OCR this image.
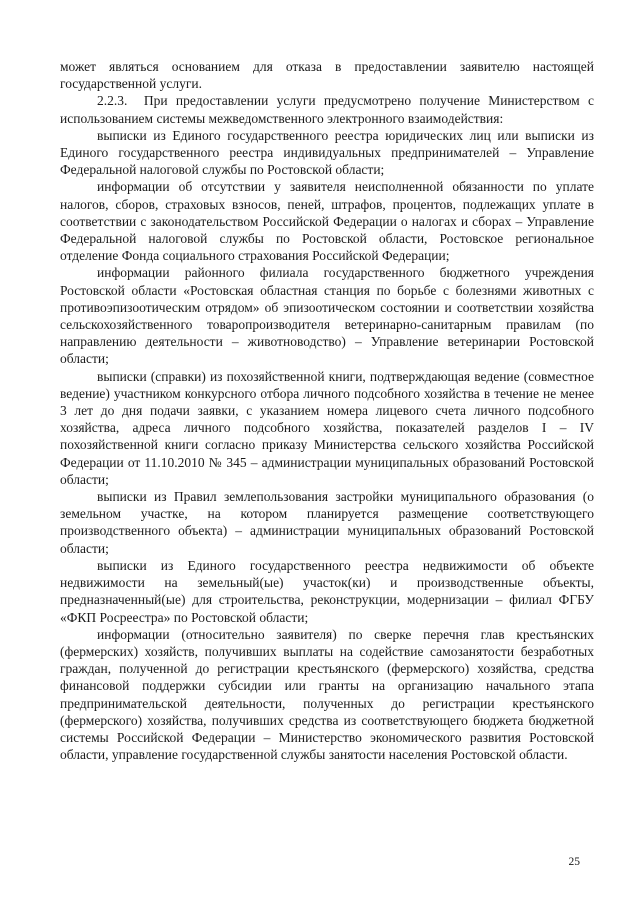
может являться основанием для отказа в предоставлении заявителю настоящей государственной услуги.

2.2.3.  При предоставлении услуги предусмотрено получение Министерством с использованием системы межведомственного электронного взаимодействия:

выписки из Единого государственного реестра юридических лиц или выписки из Единого государственного реестра индивидуальных предпринимателей – Управление Федеральной налоговой службы по Ростовской области;

информации об отсутствии у заявителя неисполненной обязанности по уплате налогов, сборов, страховых взносов, пеней, штрафов, процентов, подлежащих уплате в соответствии с законодательством Российской Федерации о налогах и сборах – Управление Федеральной налоговой службы по Ростовской области, Ростовское региональное отделение Фонда социального страхования Российской Федерации;

информации районного филиала государственного бюджетного учреждения Ростовской области «Ростовская областная станция по борьбе с болезнями животных с противоэпизоотическим отрядом» об эпизоотическом состоянии и соответствии хозяйства сельскохозяйственного товаропроизводителя ветеринарно-санитарным правилам (по направлению деятельности – животноводство) – Управление ветеринарии Ростовской области;

выписки (справки) из похозяйственной книги, подтверждающая ведение (совместное ведение) участником конкурсного отбора личного подсобного хозяйства в течение не менее 3 лет до дня подачи заявки, с указанием номера лицевого счета личного подсобного хозяйства, адреса личного подсобного хозяйства, показателей разделов I – IV похозяйственной книги согласно приказу Министерства сельского хозяйства Российской Федерации от 11.10.2010 № 345 – администрации муниципальных образований Ростовской области;

выписки из Правил землепользования застройки муниципального образования (о земельном участке, на котором планируется размещение соответствующего производственного объекта) – администрации муниципальных образований Ростовской области;

выписки из Единого государственного реестра недвижимости об объекте недвижимости на земельный(ые) участок(ки) и производственные объекты, предназначенный(ые) для строительства, реконструкции, модернизации – филиал ФГБУ «ФКП Росреестра» по Ростовской области;

информации (относительно заявителя) по сверке перечня глав крестьянских (фермерских) хозяйств, получивших выплаты на содействие самозанятости безработных граждан, полученной до регистрации крестьянского (фермерского) хозяйства, средства финансовой поддержки субсидии или гранты на организацию начального этапа предпринимательской деятельности, полученных до регистрации крестьянского (фермерского) хозяйства, получивших средства из соответствующего бюджета бюджетной системы Российской Федерации – Министерство экономического развития Ростовской области, управление государственной службы занятости населения Ростовской области.

25
